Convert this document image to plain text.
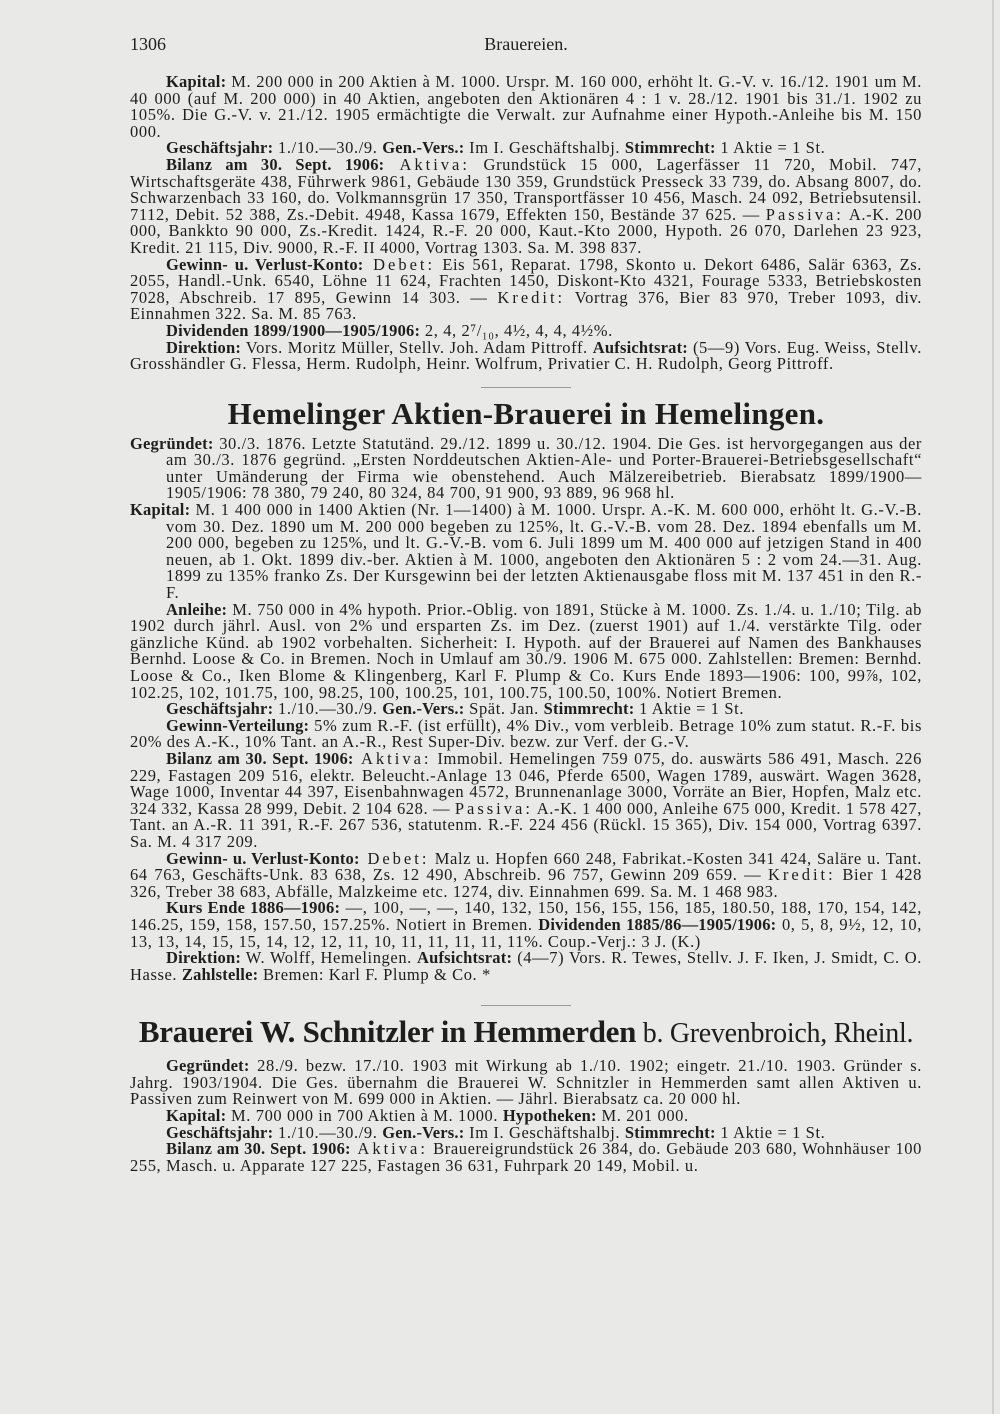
1306	Brauereien.

Kapital: M. 200 000 in 200 Aktien à M. 1000. Urspr. M. 160 000, erhöht lt. G.-V. v. 16./12. 1901 um M. 40 000 (auf M. 200 000) in 40 Aktien, angeboten den Aktionären 4 : 1 v. 28./12. 1901 bis 31./1. 1902 zu 105%. Die G.-V. v. 21./12. 1905 ermächtigte die Verwalt. zur Aufnahme einer Hypoth.-Anleihe bis M. 150 000.

Geschäftsjahr: 1./10.—30./9. Gen.-Vers.: Im I. Geschäftshalbj. Stimmrecht: 1 Aktie = 1 St.

Bilanz am 30. Sept. 1906: Aktiva: Grundstück 15 000, Lagerfässer 11 720, Mobil. 747, Wirtschaftsgeräte 438, Führwerk 9861, Gebäude 130 359, Grundstück Presseck 33 739, do. Absang 8007, do. Schwarzenbach 33 160, do. Volkmannsgrün 17 350, Transportfässer 10 456, Masch. 24 092, Betriebsutensil. 7112, Debit. 52 388, Zs.-Debit. 4948, Kassa 1679, Effekten 150, Bestände 37 625. — Passiva: A.-K. 200 000, Bankkto 90 000, Zs.-Kredit. 1424, R.-F. 20 000, Kaut.-Kto 2000, Hypoth. 26 070, Darlehen 23 923, Kredit. 21 115, Div. 9000, R.-F. II 4000, Vortrag 1303. Sa. M. 398 837.

Gewinn- u. Verlust-Konto: Debet: Eis 561, Reparat. 1798, Skonto u. Dekort 6486, Salär 6363, Zs. 2055, Handl.-Unk. 6540, Löhne 11 624, Frachten 1450, Diskont-Kto 4321, Fourage 5333, Betriebskosten 7028, Abschreib. 17 895, Gewinn 14 303. — Kredit: Vortrag 376, Bier 83 970, Treber 1093, div. Einnahmen 322. Sa. M. 85 763.

Dividenden 1899/1900—1905/1906: 2, 4, 2⁷/₁₀, 4½, 4, 4, 4½%.

Direktion: Vors. Moritz Müller, Stellv. Joh. Adam Pittroff. Aufsichtsrat: (5—9) Vors. Eug. Weiss, Stellv. Grosshändler G. Flessa, Herm. Rudolph, Heinr. Wolfrum, Privatier C. H. Rudolph, Georg Pittroff.

Hemelinger Aktien-Brauerei in Hemelingen.

Gegründet: 30./3. 1876. Letzte Statutänd. 29./12. 1899 u. 30./12. 1904. Die Ges. ist hervorgegangen aus der am 30./3. 1876 gegründ. „Ersten Norddeutschen Aktien-Ale- und Porter-Brauerei-Betriebsgesellschaft“ unter Umänderung der Firma wie obenstehend. Auch Mälzereibetrieb. Bierabsatz 1899/1900—1905/1906: 78 380, 79 240, 80 324, 84 700, 91 900, 93 889, 96 968 hl.

Kapital: M. 1 400 000 in 1400 Aktien (Nr. 1—1400) à M. 1000. Urspr. A.-K. M. 600 000, erhöht lt. G.-V.-B. vom 30. Dez. 1890 um M. 200 000 begeben zu 125%, lt. G.-V.-B. vom 28. Dez. 1894 ebenfalls um M. 200 000, begeben zu 125%, und lt. G.-V.-B. vom 6. Juli 1899 um M. 400 000 auf jetzigen Stand in 400 neuen, ab 1. Okt. 1899 div.-ber. Aktien à M. 1000, angeboten den Aktionären 5 : 2 vom 24.—31. Aug. 1899 zu 135% franko Zs. Der Kursgewinn bei der letzten Aktienausgabe floss mit M. 137 451 in den R.-F.

Anleihe: M. 750 000 in 4% hypoth. Prior.-Oblig. von 1891, Stücke à M. 1000. Zs. 1./4. u. 1./10; Tilg. ab 1902 durch jährl. Ausl. von 2% und ersparten Zs. im Dez. (zuerst 1901) auf 1./4. verstärkte Tilg. oder gänzliche Künd. ab 1902 vorbehalten. Sicherheit: I. Hypoth. auf der Brauerei auf Namen des Bankhauses Bernhd. Loose & Co. in Bremen. Noch in Umlauf am 30./9. 1906 M. 675 000. Zahlstellen: Bremen: Bernhd. Loose & Co., Iken Blome & Klingenberg, Karl F. Plump & Co. Kurs Ende 1893—1906: 100, 99⅞, 102, 102.25, 102, 101.75, 100, 98.25, 100, 100.25, 101, 100.75, 100.50, 100%. Notiert Bremen.

Geschäftsjahr: 1./10.—30./9. Gen.-Vers.: Spät. Jan. Stimmrecht: 1 Aktie = 1 St.

Gewinn-Verteilung: 5% zum R.-F. (ist erfüllt), 4% Div., vom verbleib. Betrage 10% zum statut. R.-F. bis 20% des A.-K., 10% Tant. an A.-R., Rest Super-Div. bezw. zur Verf. der G.-V.

Bilanz am 30. Sept. 1906: Aktiva: Immobil. Hemelingen 759 075, do. auswärts 586 491, Masch. 226 229, Fastagen 209 516, elektr. Beleucht.-Anlage 13 046, Pferde 6500, Wagen 1789, auswärt. Wagen 3628, Wage 1000, Inventar 44 397, Eisenbahnwagen 4572, Brunnenanlage 3000, Vorräte an Bier, Hopfen, Malz etc. 324 332, Kassa 28 999, Debit. 2 104 628. — Passiva: A.-K. 1 400 000, Anleihe 675 000, Kredit. 1 578 427, Tant. an A.-R. 11 391, R.-F. 267 536, statutenm. R.-F. 224 456 (Rückl. 15 365), Div. 154 000, Vortrag 6397. Sa. M. 4 317 209.

Gewinn- u. Verlust-Konto: Debet: Malz u. Hopfen 660 248, Fabrikat.-Kosten 341 424, Saläre u. Tant. 64 763, Geschäfts-Unk. 83 638, Zs. 12 490, Abschreib. 96 757, Gewinn 209 659. — Kredit: Bier 1 428 326, Treber 38 683, Abfälle, Malzkeime etc. 1274, div. Einnahmen 699. Sa. M. 1 468 983.

Kurs Ende 1886—1906: —, 100, —, —, 140, 132, 150, 156, 155, 156, 185, 180.50, 188, 170, 154, 142, 146.25, 159, 158, 157.50, 157.25%. Notiert in Bremen. Dividenden 1885/86—1905/1906: 0, 5, 8, 9½, 12, 10, 13, 13, 14, 15, 15, 14, 12, 12, 11, 10, 11, 11, 11, 11, 11%. Coup.-Verj.: 3 J. (K.)

Direktion: W. Wolff, Hemelingen. Aufsichtsrat: (4—7) Vors. R. Tewes, Stellv. J. F. Iken, J. Smidt, C. O. Hasse. Zahlstelle: Bremen: Karl F. Plump & Co. *

Brauerei W. Schnitzler in Hemmerden b. Grevenbroich, Rheinl.

Gegründet: 28./9. bezw. 17./10. 1903 mit Wirkung ab 1./10. 1902; eingetr. 21./10. 1903. Gründer s. Jahrg. 1903/1904. Die Ges. übernahm die Brauerei W. Schnitzler in Hemmerden samt allen Aktiven u. Passiven zum Reinwert von M. 699 000 in Aktien. — Jährl. Bierabsatz ca. 20 000 hl.

Kapital: M. 700 000 in 700 Aktien à M. 1000. Hypotheken: M. 201 000.

Geschäftsjahr: 1./10.—30./9. Gen.-Vers.: Im I. Geschäftshalbj. Stimmrecht: 1 Aktie = 1 St.

Bilanz am 30. Sept. 1906: Aktiva: Brauereigrundstück 26 384, do. Gebäude 203 680, Wohnhäuser 100 255, Masch. u. Apparate 127 225, Fastagen 36 631, Fuhrpark 20 149, Mobil. u.
